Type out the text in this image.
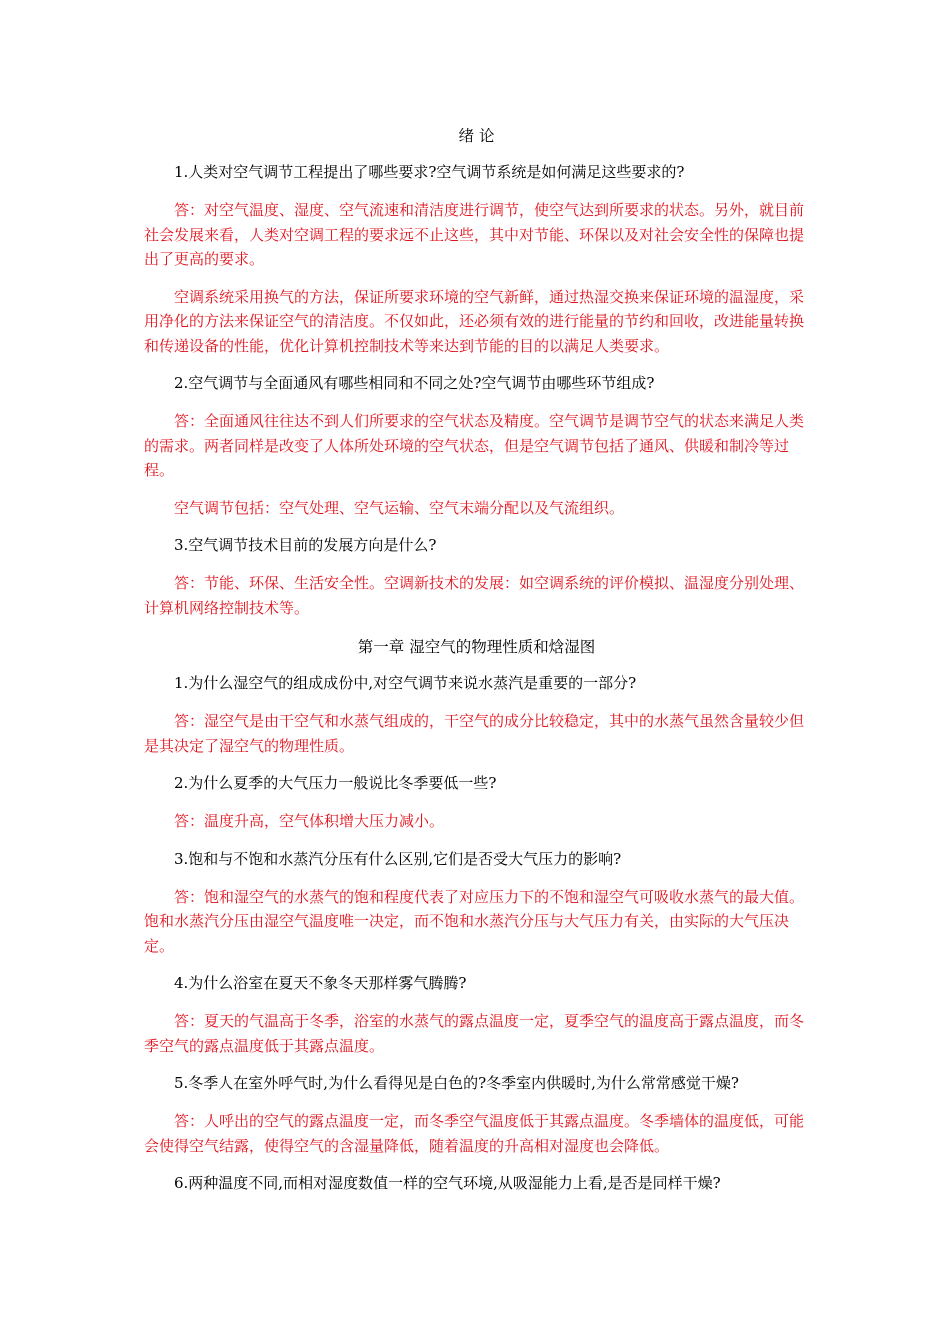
绪 论

1.人类对空气调节工程提出了哪些要求?空气调节系统是如何满足这些要求的?

答：对空气温度、湿度、空气流速和清洁度进行调节，使空气达到所要求的状态。另外，就目前社会发展来看，人类对空调工程的要求远不止这些，其中对节能、环保以及对社会安全性的保障也提出了更高的要求。

空调系统采用换气的方法，保证所要求环境的空气新鲜，通过热湿交换来保证环境的温湿度，采用净化的方法来保证空气的清洁度。不仅如此，还必须有效的进行能量的节约和回收，改进能量转换和传递设备的性能，优化计算机控制技术等来达到节能的目的以满足人类要求。

2.空气调节与全面通风有哪些相同和不同之处?空气调节由哪些环节组成?

答：全面通风往往达不到人们所要求的空气状态及精度。空气调节是调节空气的状态来满足人类的需求。两者同样是改变了人体所处环境的空气状态，但是空气调节包括了通风、供暖和制冷等过程。

空气调节包括：空气处理、空气运输、空气末端分配以及气流组织。

3.空气调节技术目前的发展方向是什么?

答：节能、环保、生活安全性。空调新技术的发展：如空调系统的评价模拟、温湿度分别处理、计算机网络控制技术等。

第一章 湿空气的物理性质和焓湿图

1.为什么湿空气的组成成份中,对空气调节来说水蒸汽是重要的一部分?

答：湿空气是由干空气和水蒸气组成的，干空气的成分比较稳定，其中的水蒸气虽然含量较少但是其决定了湿空气的物理性质。

2.为什么夏季的大气压力一般说比冬季要低一些?

答：温度升高，空气体积增大压力减小。

3.饱和与不饱和水蒸汽分压有什么区别,它们是否受大气压力的影响?

答：饱和湿空气的水蒸气的饱和程度代表了对应压力下的不饱和湿空气可吸收水蒸气的最大值。饱和水蒸汽分压由湿空气温度唯一决定，而不饱和水蒸汽分压与大气压力有关，由实际的大气压决定。

4.为什么浴室在夏天不象冬天那样雾气腾腾?

答：夏天的气温高于冬季，浴室的水蒸气的露点温度一定，夏季空气的温度高于露点温度，而冬季空气的露点温度低于其露点温度。

5.冬季人在室外呼气时,为什么看得见是白色的?冬季室内供暖时,为什么常常感觉干燥?

答：人呼出的空气的露点温度一定，而冬季空气温度低于其露点温度。冬季墙体的温度低，可能会使得空气结露，使得空气的含湿量降低，随着温度的升高相对湿度也会降低。

6.两种温度不同,而相对湿度数值一样的空气环境,从吸湿能力上看,是否是同样干燥?
